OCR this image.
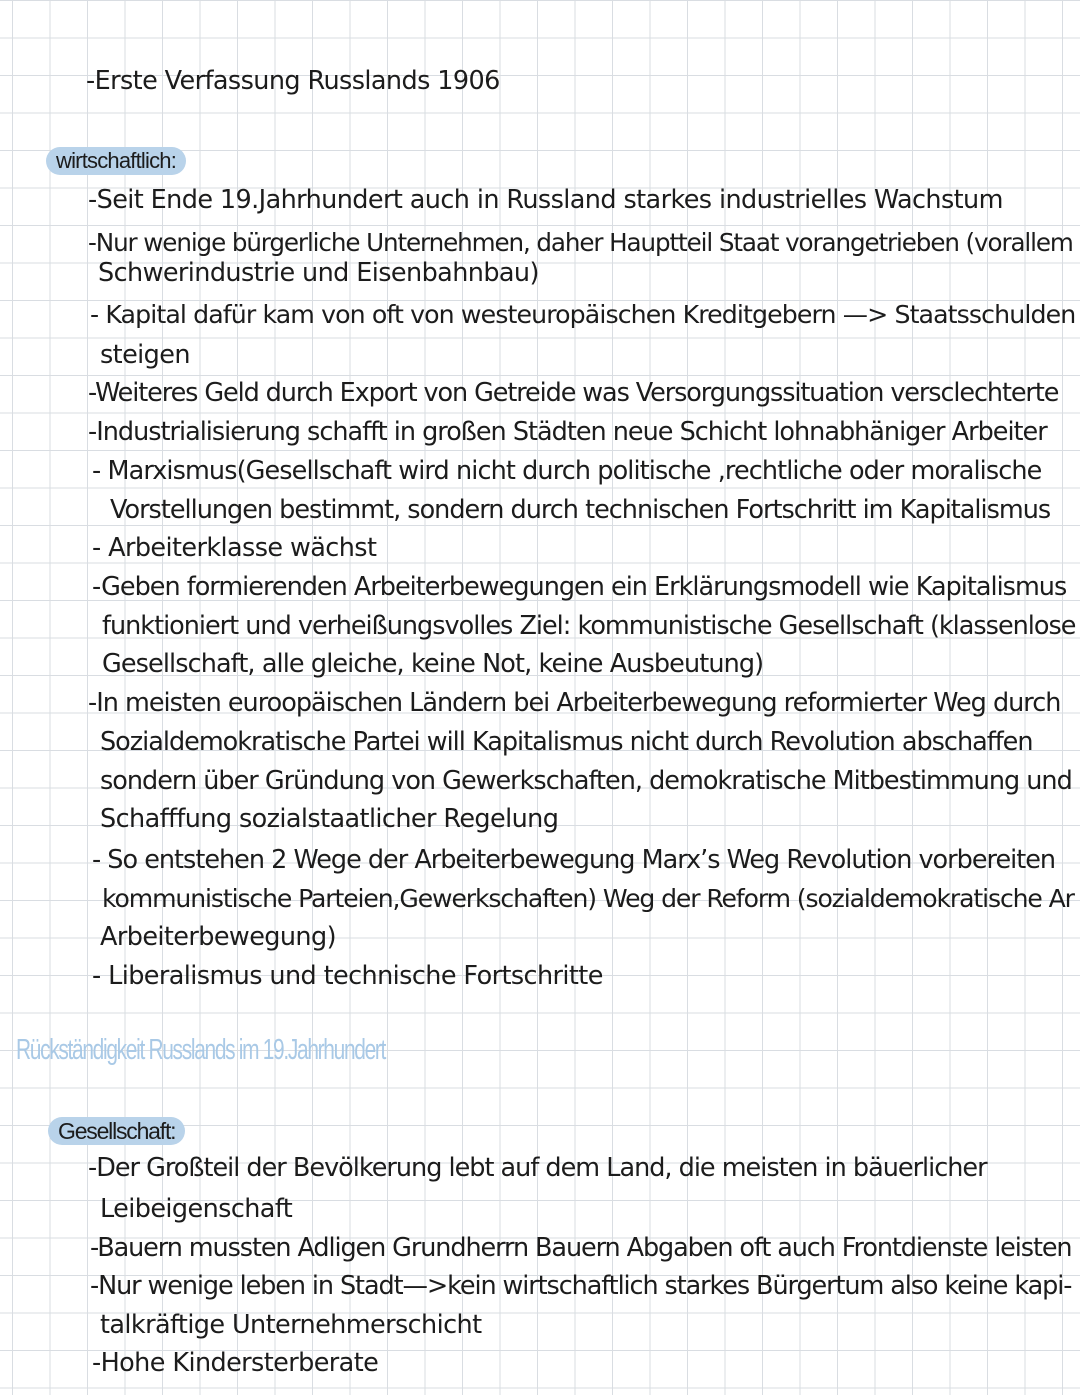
-Erste Verfassung Russlands 1906
wirtschaftlich:
-Seit Ende 19.Jahrhundert auch in Russland starkes industrielles Wachstum
-Nur wenige bürgerliche Unternehmen, daher Hauptteil Staat vorangetrieben (vorallem
Schwerindustrie und Eisenbahnbau)
- Kapital dafür kam von oft von westeuropäischen Kreditgebern —> Staatsschulden
steigen
-Weiteres Geld durch Export von Getreide was Versorgungssituation versclechterte
-Industrialisierung schafft in großen Städten neue Schicht lohnabhäniger Arbeiter
- Marxismus(Gesellschaft wird nicht durch politische ,rechtliche oder moralische
Vorstellungen bestimmt, sondern durch technischen Fortschritt im Kapitalismus
- Arbeiterklasse wächst
-Geben formierenden Arbeiterbewegungen ein Erklärungsmodell wie Kapitalismus
funktioniert und verheißungsvolles Ziel: kommunistische Gesellschaft (klassenlose
Gesellschaft, alle gleiche, keine Not, keine Ausbeutung)
-In meisten euroopäischen Ländern bei Arbeiterbewegung reformierter Weg durch
Sozialdemokratische Partei will Kapitalismus nicht durch Revolution abschaffen
sondern über Gründung von Gewerkschaften, demokratische Mitbestimmung und
Schafffung sozialstaatlicher Regelung
- So entstehen 2 Wege der Arbeiterbewegung Marx’s Weg Revolution vorbereiten
kommunistische Parteien,Gewerkschaften) Weg der Reform (sozialdemokratische Ar
Arbeiterbewegung)
- Liberalismus und technische Fortschritte
Rückständigkeit Russlands im 19.Jahrhundert
Gesellschaft:
-Der Großteil der Bevölkerung lebt auf dem Land, die meisten in bäuerlicher
Leibeigenschaft
-Bauern mussten Adligen Grundherrn Bauern Abgaben oft auch Frontdienste leisten
-Nur wenige leben in Stadt—>kein wirtschaftlich starkes Bürgertum also keine kapi-
talkräftige Unternehmerschicht
-Hohe Kindersterberate
